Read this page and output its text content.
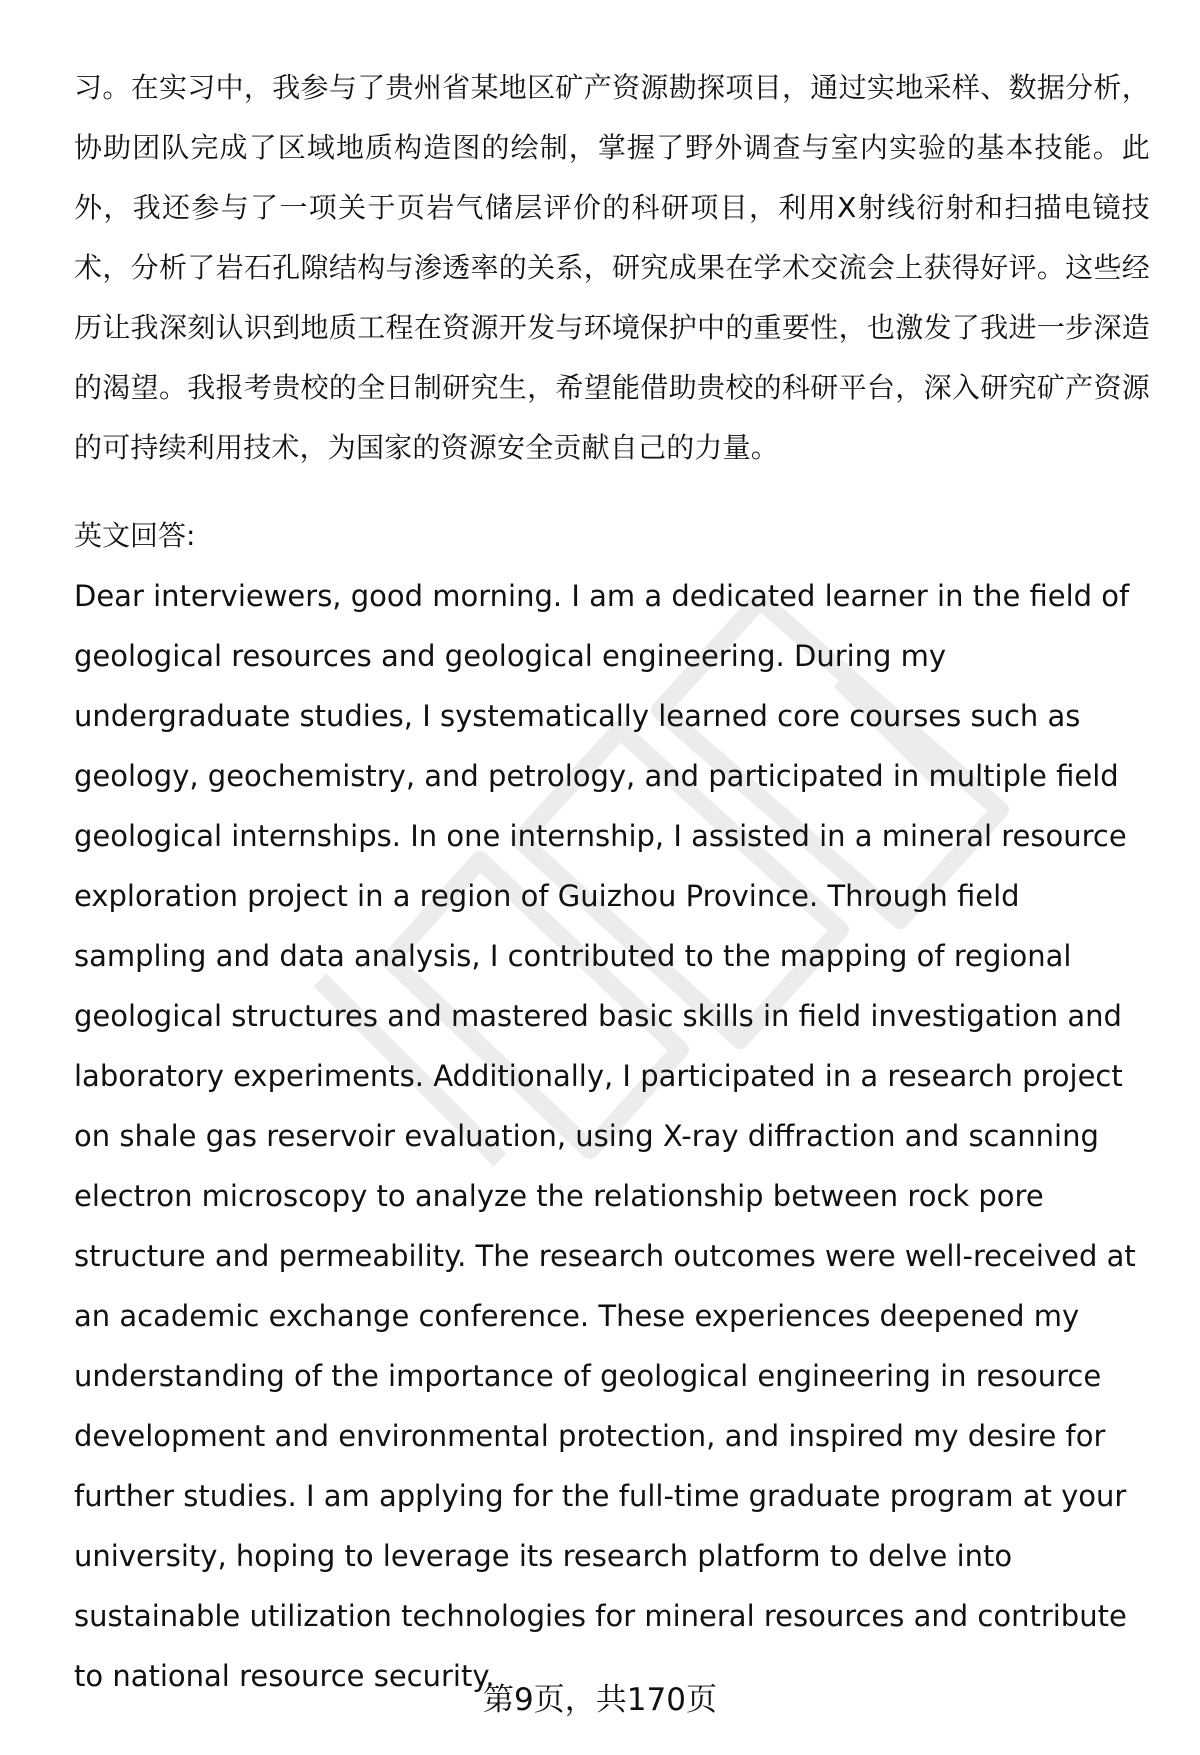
习。在实习中，我参与了贵州省某地区矿产资源勘探项目，通过实地采样、数据分析，协助团队完成了区域地质构造图的绘制，掌握了野外调查与室内实验的基本技能。此外，我还参与了一项关于页岩气储层评价的科研项目，利用X射线衍射和扫描电镜技术，分析了岩石孔隙结构与渗透率的关系，研究成果在学术交流会上获得好评。这些经历让我深刻认识到地质工程在资源开发与环境保护中的重要性，也激发了我进一步深造的渴望。我报考贵校的全日制研究生，希望能借助贵校的科研平台，深入研究矿产资源的可持续利用技术，为国家的资源安全贡献自己的力量。

英文回答:

Dear interviewers, good morning. I am a dedicated learner in the field of geological resources and geological engineering. During my undergraduate studies, I systematically learned core courses such as geology, geochemistry, and petrology, and participated in multiple field geological internships. In one internship, I assisted in a mineral resource exploration project in a region of Guizhou Province. Through field sampling and data analysis, I contributed to the mapping of regional geological structures and mastered basic skills in field investigation and laboratory experiments. Additionally, I participated in a research project on shale gas reservoir evaluation, using X-ray diffraction and scanning electron microscopy to analyze the relationship between rock pore structure and permeability. The research outcomes were well-received at an academic exchange conference. These experiences deepened my understanding of the importance of geological engineering in resource development and environmental protection, and inspired my desire for further studies. I am applying for the full-time graduate program at your university, hoping to leverage its research platform to delve into sustainable utilization technologies for mineral resources and contribute to national resource security.

第9页，共170页
